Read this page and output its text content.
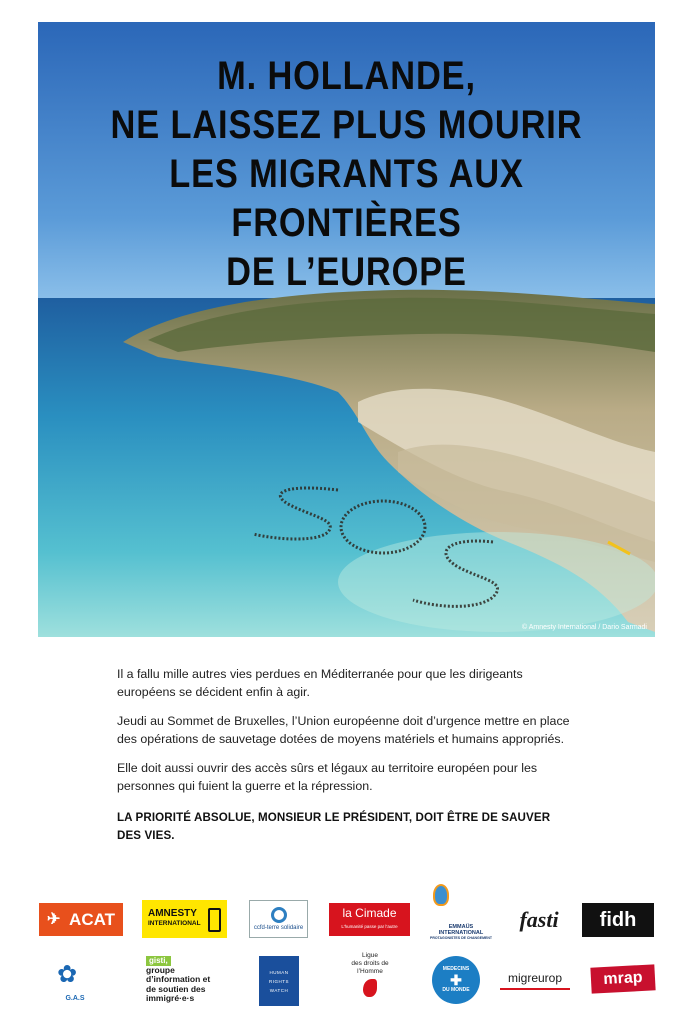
M. HOLLANDE,
NE LAISSEZ PLUS MOURIR
LES MIGRANTS AUX FRONTIÈRES
DE L’EUROPE
© Amnesty International / Dario Sarmadi

Il a fallu mille autres vies perdues en Méditerranée pour que les dirigeants européens se décident enfin à agir.

Jeudi au Sommet de Bruxelles, l’Union européenne doit d’urgence mettre en place des opérations de sauvetage dotées de moyens matériels et humains appropriés.

Elle doit aussi ouvrir des accès sûrs et légaux au territoire européen pour les personnes qui fuient la guerre et la répression.

LA PRIORITÉ ABSOLUE, MONSIEUR LE PRÉSIDENT, DOIT ÊTRE DE SAUVER DES VIES.

✈ ACAT	AMNESTY
INTERNATIONAL
ccfd-terre solidaire
la Cimade
L’humanité passe par l’autre	EMMAÜS INTERNATIONAL
PROTAGONISTES DE CHANGEMENT
fasti fidh
✿
G.A.S
gisti,
groupe
d’information et
de soutien des
immigré·e·s
HUMAN
RIGHTS
WATCH
Ligue
des droits de
l’Homme	MEDECINS
✚
DU MONDE
migreurop	mrap
